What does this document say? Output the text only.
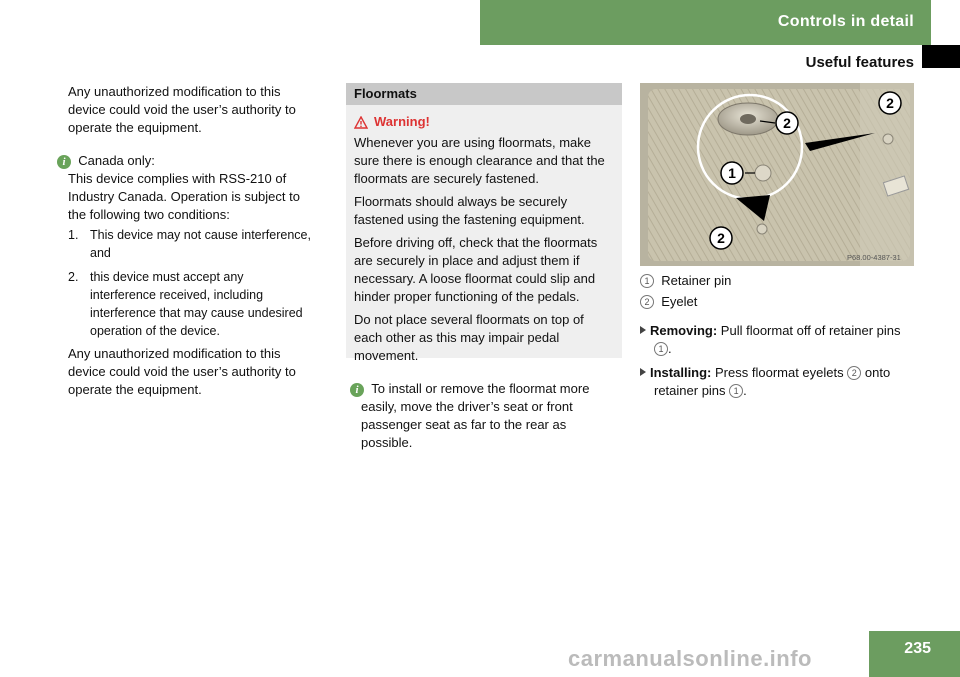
Controls in detail
Useful features

Any unauthorized modification to this

device could void the user’s authority to

operate the equipment.

i Canada only:

This device complies with RSS-210 of

Industry Canada. Operation is subject to

the following two conditions:

1. This device may not cause interference,

and

2. this device must accept any

interference received, including

interference that may cause undesired

operation of the device.

Any unauthorized modification to this

device could void the user’s authority to

operate the equipment.

Floormats
Warning!

Whenever you are using floormats, make
sure there is enough clearance and that the
floormats are securely fastened.

Floormats should always be securely
fastened using the fastening equipment.

Before driving off, check that the floormats
are securely in place and adjust them if
necessary. A loose floormat could slip and
hinder proper functioning of the pedals.

Do not place several floormats on top of
each other as this may impair pedal
movement.

i To install or remove the floormat more

easily, move the driver’s seat or front

passenger seat as far to the rear as

possible.

2
1
2
2
P68.00-4387-31

1 Retainer pin

2 Eyelet

Removing: Pull floormat off of retainer pins

1 .

Installing: Press floormat eyelets 2 onto

retainer pins 1 .

235
carmanualsonline.info
